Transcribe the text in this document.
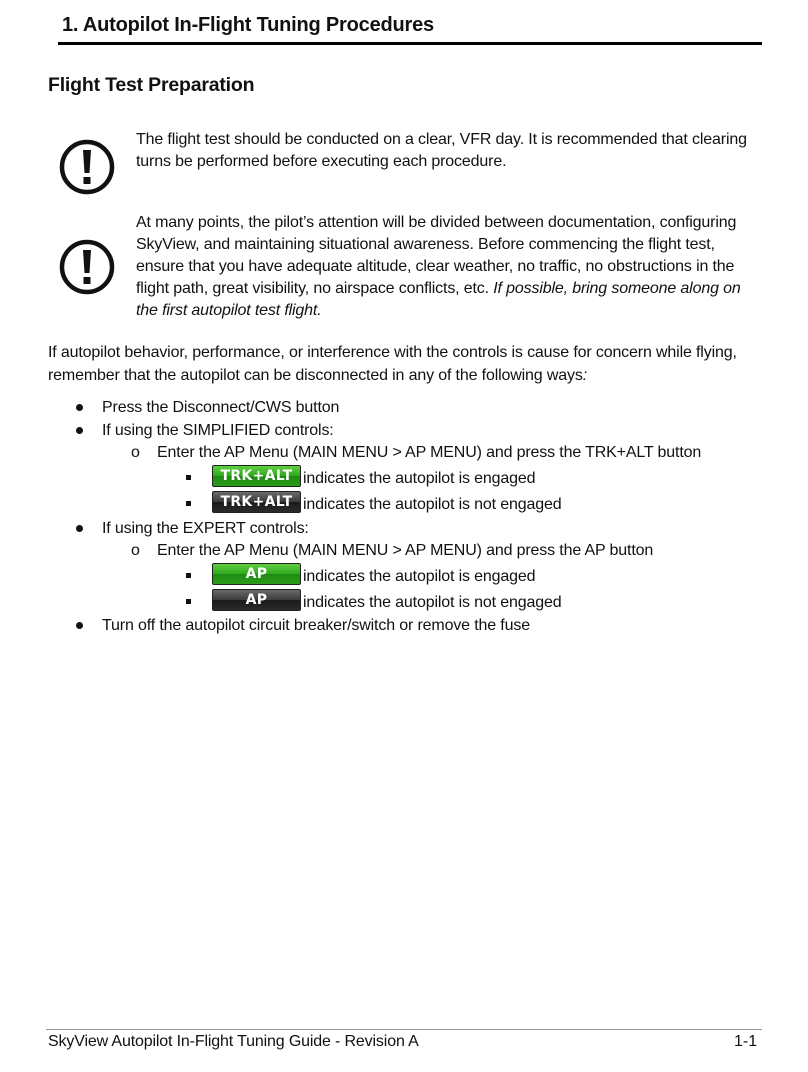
1. Autopilot In-Flight Tuning Procedures
Flight Test Preparation
The flight test should be conducted on a clear, VFR day. It is recommended that clearing turns be performed before executing each procedure.
At many points, the pilot’s attention will be divided between documentation, configuring SkyView, and maintaining situational awareness. Before commencing the flight test, ensure that you have adequate altitude, clear weather, no traffic, no obstructions in the flight path, great visibility, no airspace conflicts, etc. If possible, bring someone along on the first autopilot test flight.
If autopilot behavior, performance, or interference with the controls is cause for concern while flying, remember that the autopilot can be disconnected in any of the following ways:
Press the Disconnect/CWS button
If using the SIMPLIFIED controls:
o Enter the AP Menu (MAIN MENU > AP MENU) and press the TRK+ALT button
TRK+ALT indicates the autopilot is engaged
TRK+ALT indicates the autopilot is not engaged
If using the EXPERT controls:
o Enter the AP Menu (MAIN MENU > AP MENU) and press the AP button
AP	indicates the autopilot is engaged
AP	indicates the autopilot is not engaged
Turn off the autopilot circuit breaker/switch or remove the fuse
SkyView Autopilot In-Flight Tuning Guide - Revision A	1-1
